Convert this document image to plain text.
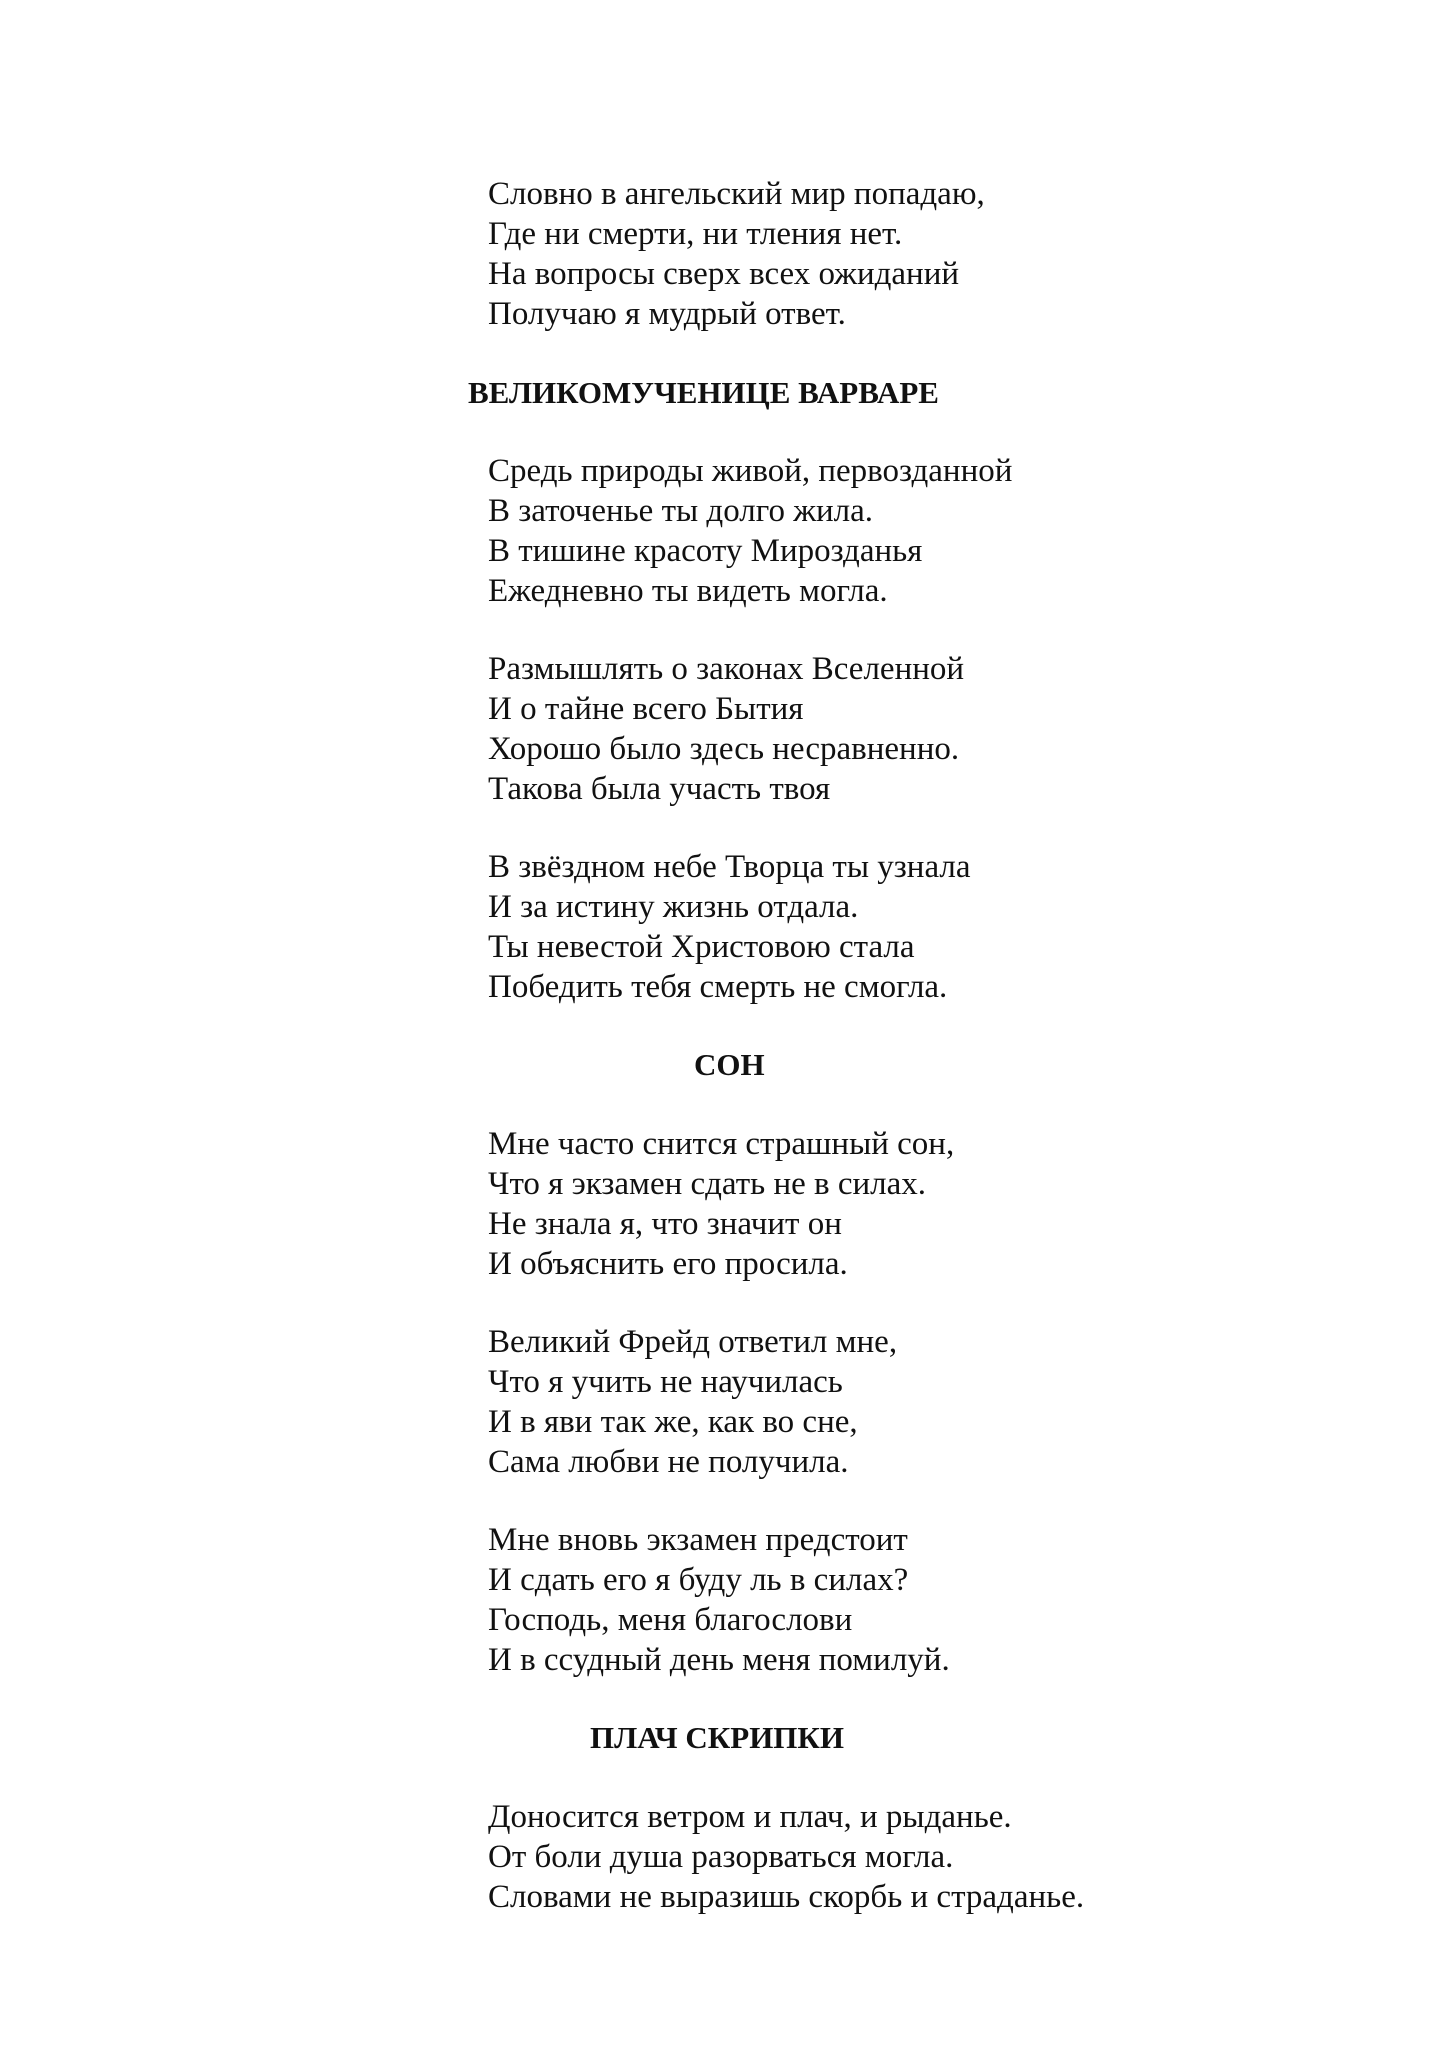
Словно в ангельский мир попадаю,
Где ни смерти, ни тления нет.
На вопросы сверх всех ожиданий
Получаю я мудрый ответ.
ВЕЛИКОМУЧЕНИЦЕ ВАРВАРЕ
Средь природы живой, первозданной
В заточенье ты долго жила.
В тишине красоту Мирозданья
Ежедневно ты видеть могла.
Размышлять о законах Вселенной
И о тайне всего Бытия
Хорошо было здесь несравненно.
Такова была участь твоя
В звёздном небе Творца ты узнала
И за истину жизнь отдала.
Ты невестой Христовою стала
Победить тебя смерть не смогла.
СОН
Мне часто снится страшный сон,
Что я экзамен сдать не в силах.
Не знала я, что значит он
И объяснить его просила.
Великий Фрейд ответил мне,
Что я учить не научилась
И в яви так же, как во сне,
Сама любви не получила.
Мне вновь экзамен предстоит
И сдать его я буду ль в силах?
Господь, меня благослови
И в ссудный день меня помилуй.
ПЛАЧ СКРИПКИ
Доносится ветром и плач, и рыданье.
От боли душа разорваться могла.
Словами не выразишь скорбь и страданье.
